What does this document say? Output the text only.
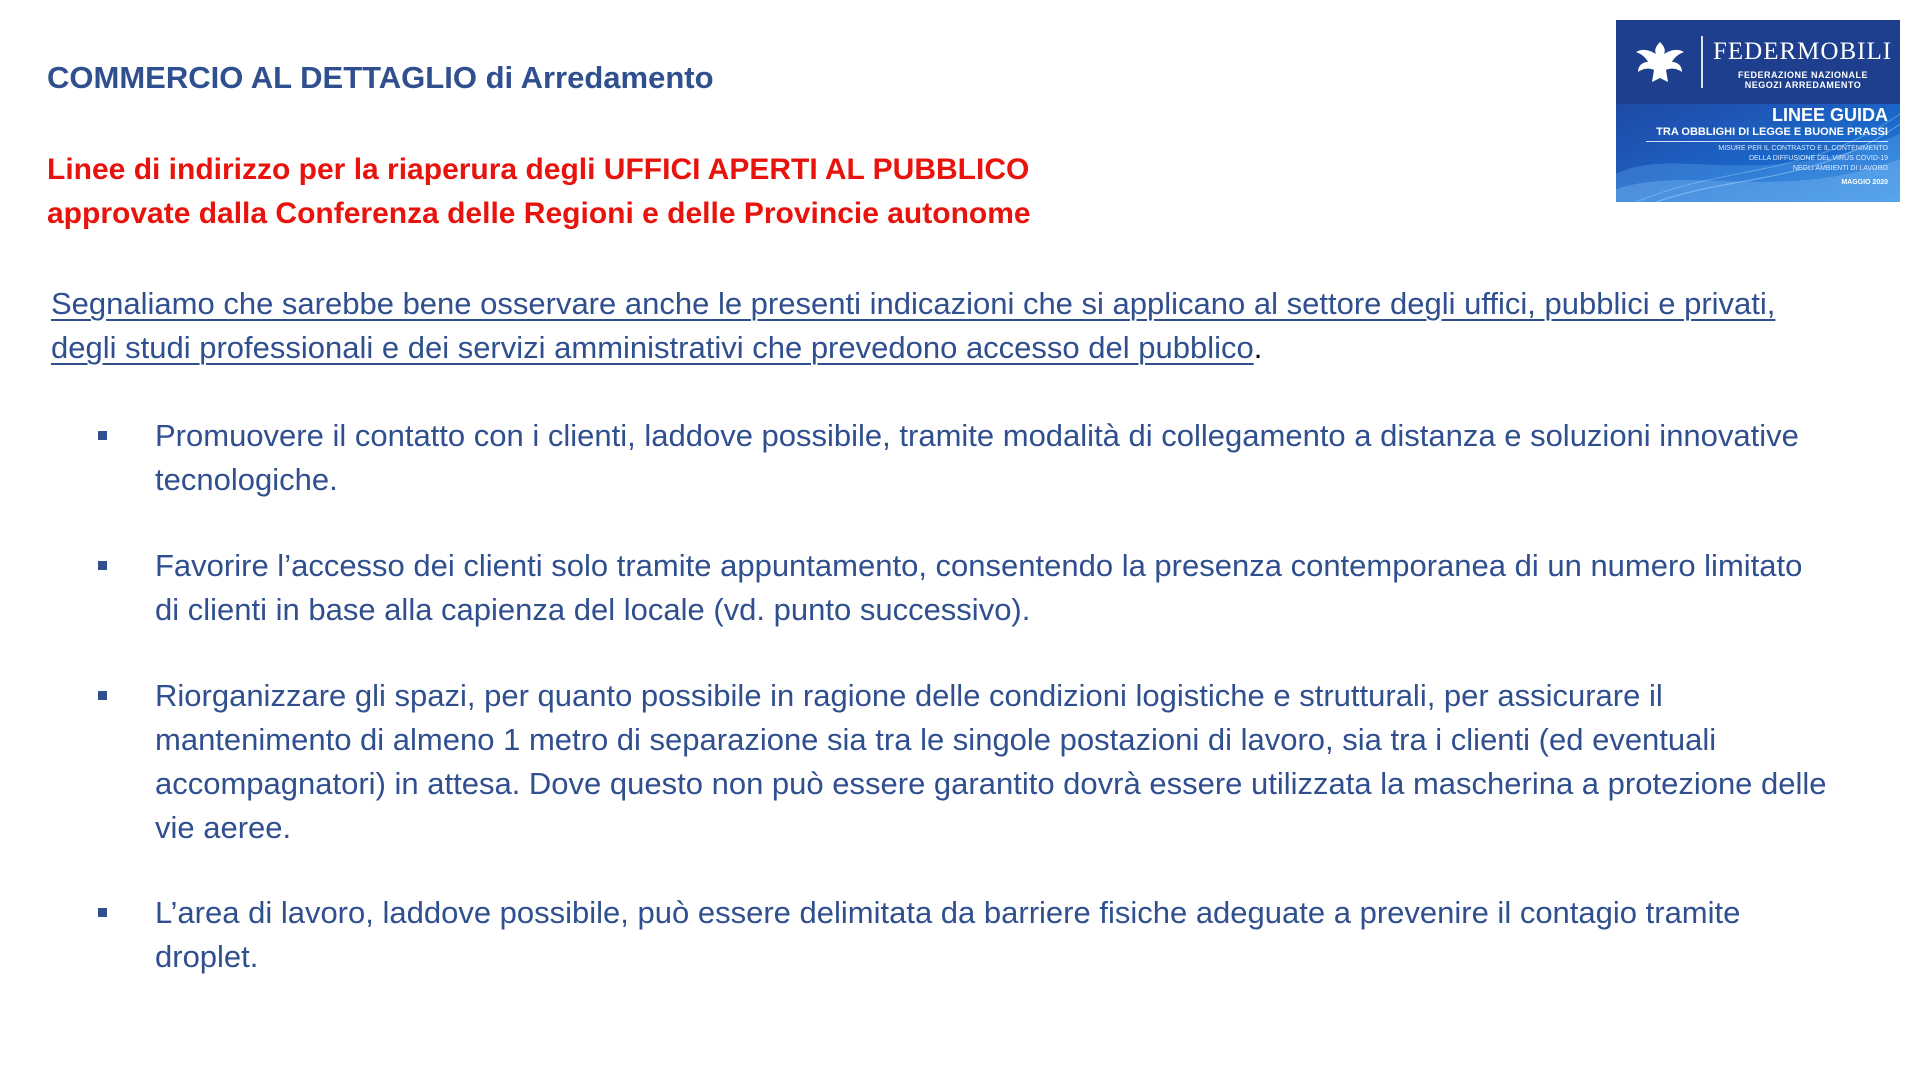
COMMERCIO AL DETTAGLIO di Arredamento
Linee di indirizzo per la riaperura degli UFFICI APERTI AL PUBBLICO
approvate dalla Conferenza delle Regioni e delle Provincie autonome
Segnaliamo che sarebbe bene osservare anche le presenti indicazioni che si applicano al settore degli uffici, pubblici e privati, degli studi professionali e dei servizi amministrativi che prevedono accesso del pubblico.
Promuovere il contatto con i clienti, laddove possibile, tramite modalità di collegamento a distanza e soluzioni innovative tecnologiche.
Favorire l’accesso dei clienti solo tramite appuntamento, consentendo la presenza contemporanea di un numero limitato di clienti in base alla capienza del locale (vd. punto successivo).
Riorganizzare gli spazi, per quanto possibile in ragione delle condizioni logistiche e strutturali, per assicurare il mantenimento di almeno 1 metro di separazione sia tra le singole postazioni di lavoro, sia tra i clienti (ed eventuali accompagnatori) in attesa. Dove questo non può essere garantito dovrà essere utilizzata la mascherina a protezione delle vie aeree.
L’area di lavoro, laddove possibile, può essere delimitata da barriere fisiche adeguate a prevenire il contagio tramite droplet.
FEDERMOBILI
FEDERAZIONE NAZIONALE
NEGOZI ARREDAMENTO
LINEE GUIDA
TRA OBBLIGHI DI LEGGE E BUONE PRASSI
MISURE PER IL CONTRASTO E IL CONTENIMENTO
DELLA DIFFUSIONE DEL VIRUS COVID-19
NEGLI AMBIENTI DI LAVORO
MAGGIO 2020
